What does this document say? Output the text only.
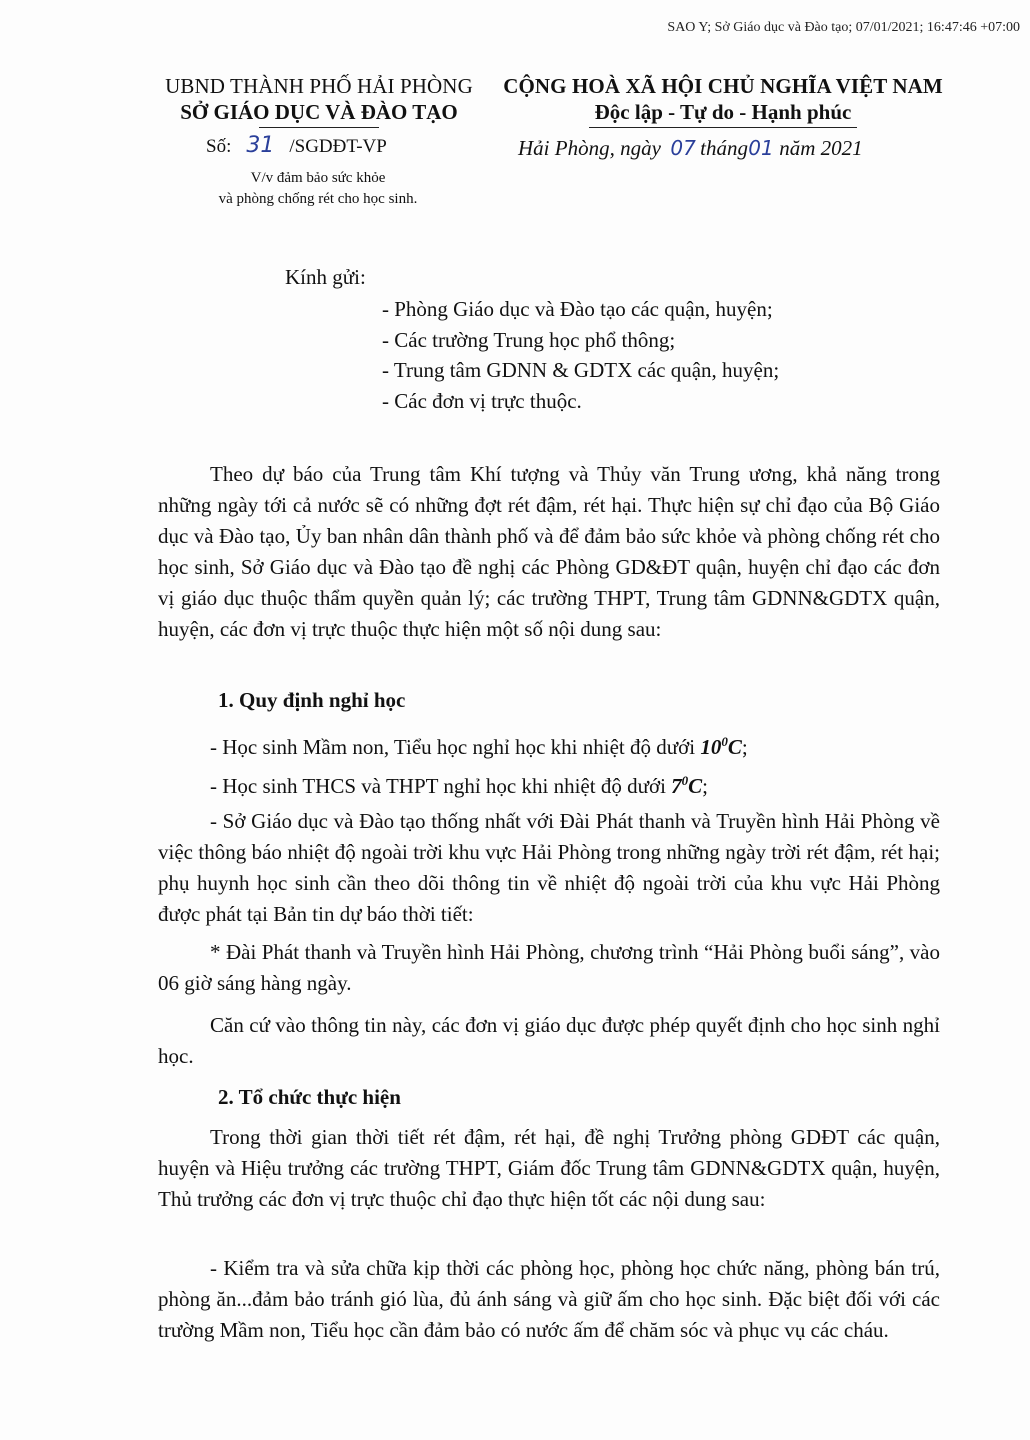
SAO Y; Sở Giáo dục và Đào tạo; 07/01/2021; 16:47:46 +07:00
UBND THÀNH PHỐ HẢI PHÒNG
SỞ GIÁO DỤC VÀ ĐÀO TẠO
CỘNG HOÀ XÃ HỘI CHỦ NGHĨA VIỆT NAM
Độc lập - Tự do - Hạnh phúc
Số: 31 /SGDĐT-VP	Hải Phòng, ngày 07 tháng01 năm 2021
V/v đảm bảo sức khỏe
và phòng chống rét cho học sinh.
Kính gửi:
- Phòng Giáo dục và Đào tạo các quận, huyện;
- Các trường Trung học phổ thông;
- Trung tâm GDNN & GDTX các quận, huyện;
- Các đơn vị trực thuộc.

Theo dự báo của Trung tâm Khí tượng và Thủy văn Trung ương, khả năng trong những ngày tới cả nước sẽ có những đợt rét đậm, rét hại. Thực hiện sự chỉ đạo của Bộ Giáo dục và Đào tạo, Ủy ban nhân dân thành phố và để đảm bảo sức khỏe và phòng chống rét cho học sinh, Sở Giáo dục và Đào tạo đề nghị các Phòng GD&ĐT quận, huyện chỉ đạo các đơn vị giáo dục thuộc thẩm quyền quản lý; các trường THPT, Trung tâm GDNN&GDTX quận, huyện, các đơn vị trực thuộc thực hiện một số nội dung sau:

1. Quy định nghỉ học
- Học sinh Mầm non, Tiểu học nghỉ học khi nhiệt độ dưới $10^0C$;
- Học sinh THCS và THPT nghỉ học khi nhiệt độ dưới $7^0C$;

- Sở Giáo dục và Đào tạo thống nhất với Đài Phát thanh và Truyền hình Hải Phòng về việc thông báo nhiệt độ ngoài trời khu vực Hải Phòng trong những ngày trời rét đậm, rét hại; phụ huynh học sinh cần theo dõi thông tin về nhiệt độ ngoài trời của khu vực Hải Phòng được phát tại Bản tin dự báo thời tiết:

* Đài Phát thanh và Truyền hình Hải Phòng, chương trình “Hải Phòng buổi sáng”, vào 06 giờ sáng hàng ngày.

Căn cứ vào thông tin này, các đơn vị giáo dục được phép quyết định cho học sinh nghỉ học.

2. Tổ chức thực hiện

Trong thời gian thời tiết rét đậm, rét hại, đề nghị Trưởng phòng GDĐT các quận, huyện và Hiệu trưởng các trường THPT, Giám đốc Trung tâm GDNN&GDTX quận, huyện, Thủ trưởng các đơn vị trực thuộc chỉ đạo thực hiện tốt các nội dung sau:

- Kiểm tra và sửa chữa kịp thời các phòng học, phòng học chức năng, phòng bán trú, phòng ăn...đảm bảo tránh gió lùa, đủ ánh sáng và giữ ấm cho học sinh. Đặc biệt đối với các trường Mầm non, Tiểu học cần đảm bảo có nước ấm để chăm sóc và phục vụ các cháu.
